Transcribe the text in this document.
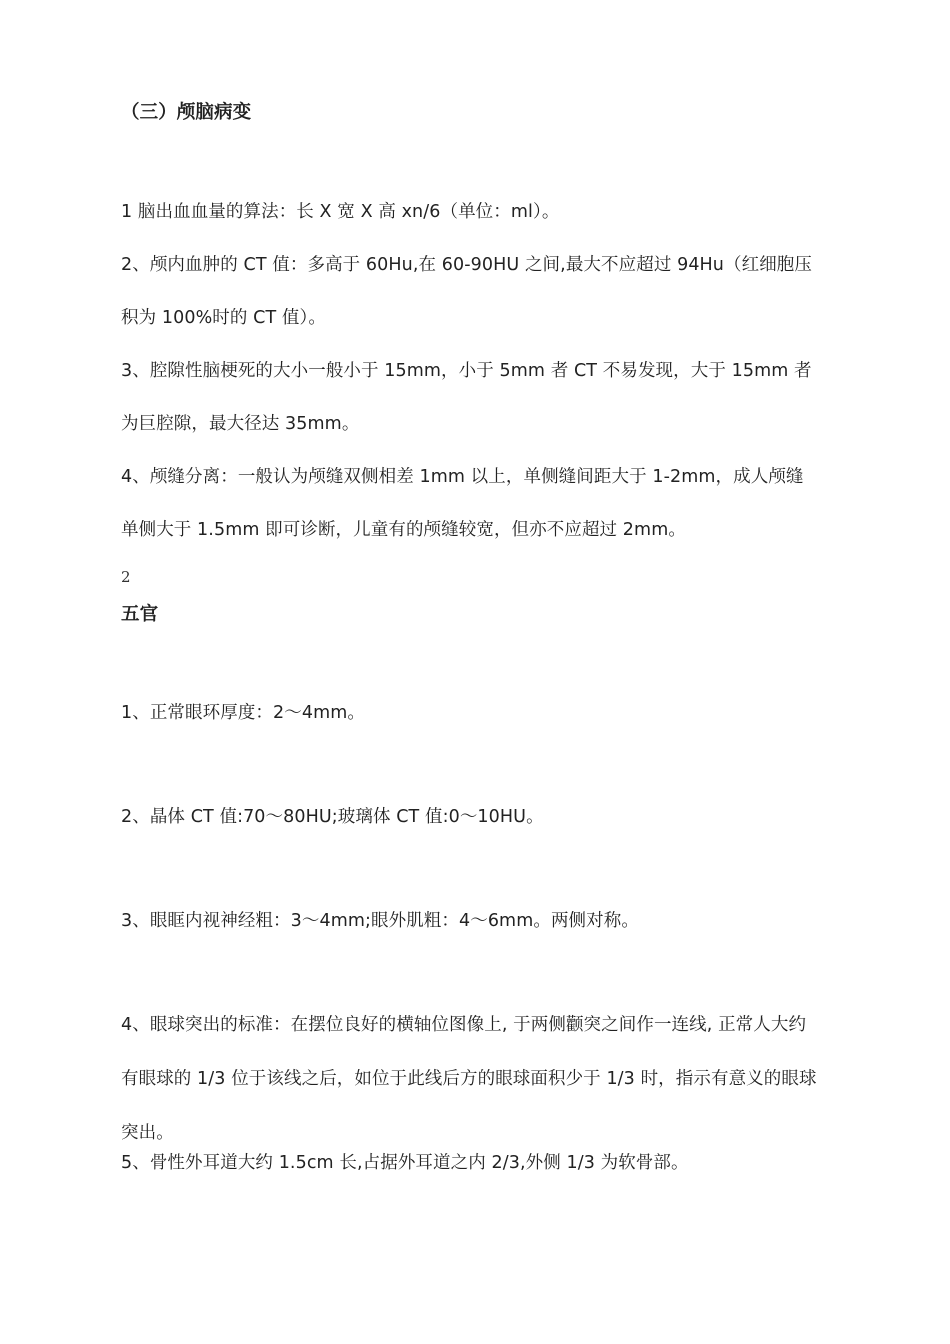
（三）颅脑病变
1 脑出血血量的算法：长 X 宽 X 高 xn/6（单位：ml）。
2、颅内血肿的 CT 值：多高于 60Hu,在 60-90HU 之间,最大不应超过 94Hu（红细胞压
积为 100%时的 CT 值）。
3、腔隙性脑梗死的大小一般小于 15mm，小于 5mm 者 CT 不易发现，大于 15mm 者
为巨腔隙，最大径达 35mm。
4、颅缝分离：一般认为颅缝双侧相差 1mm 以上，单侧缝间距大于 1-2mm，成人颅缝
单侧大于 1.5mm 即可诊断，儿童有的颅缝较宽，但亦不应超过 2mm。
2
五官
1、正常眼环厚度：2～4mm。
2、晶体 CT 值:70～80HU;玻璃体 CT 值:0～10HU。
3、眼眶内视神经粗：3～4mm;眼外肌粗：4～6mm。两侧对称。
4、眼球突出的标准：在摆位良好的横轴位图像上, 于两侧颧突之间作一连线, 正常人大约
有眼球的 1/3 位于该线之后，如位于此线后方的眼球面积少于 1/3 时，指示有意义的眼球
突出。
5、骨性外耳道大约 1.5cm 长,占据外耳道之内 2/3,外侧 1/3 为软骨部。
